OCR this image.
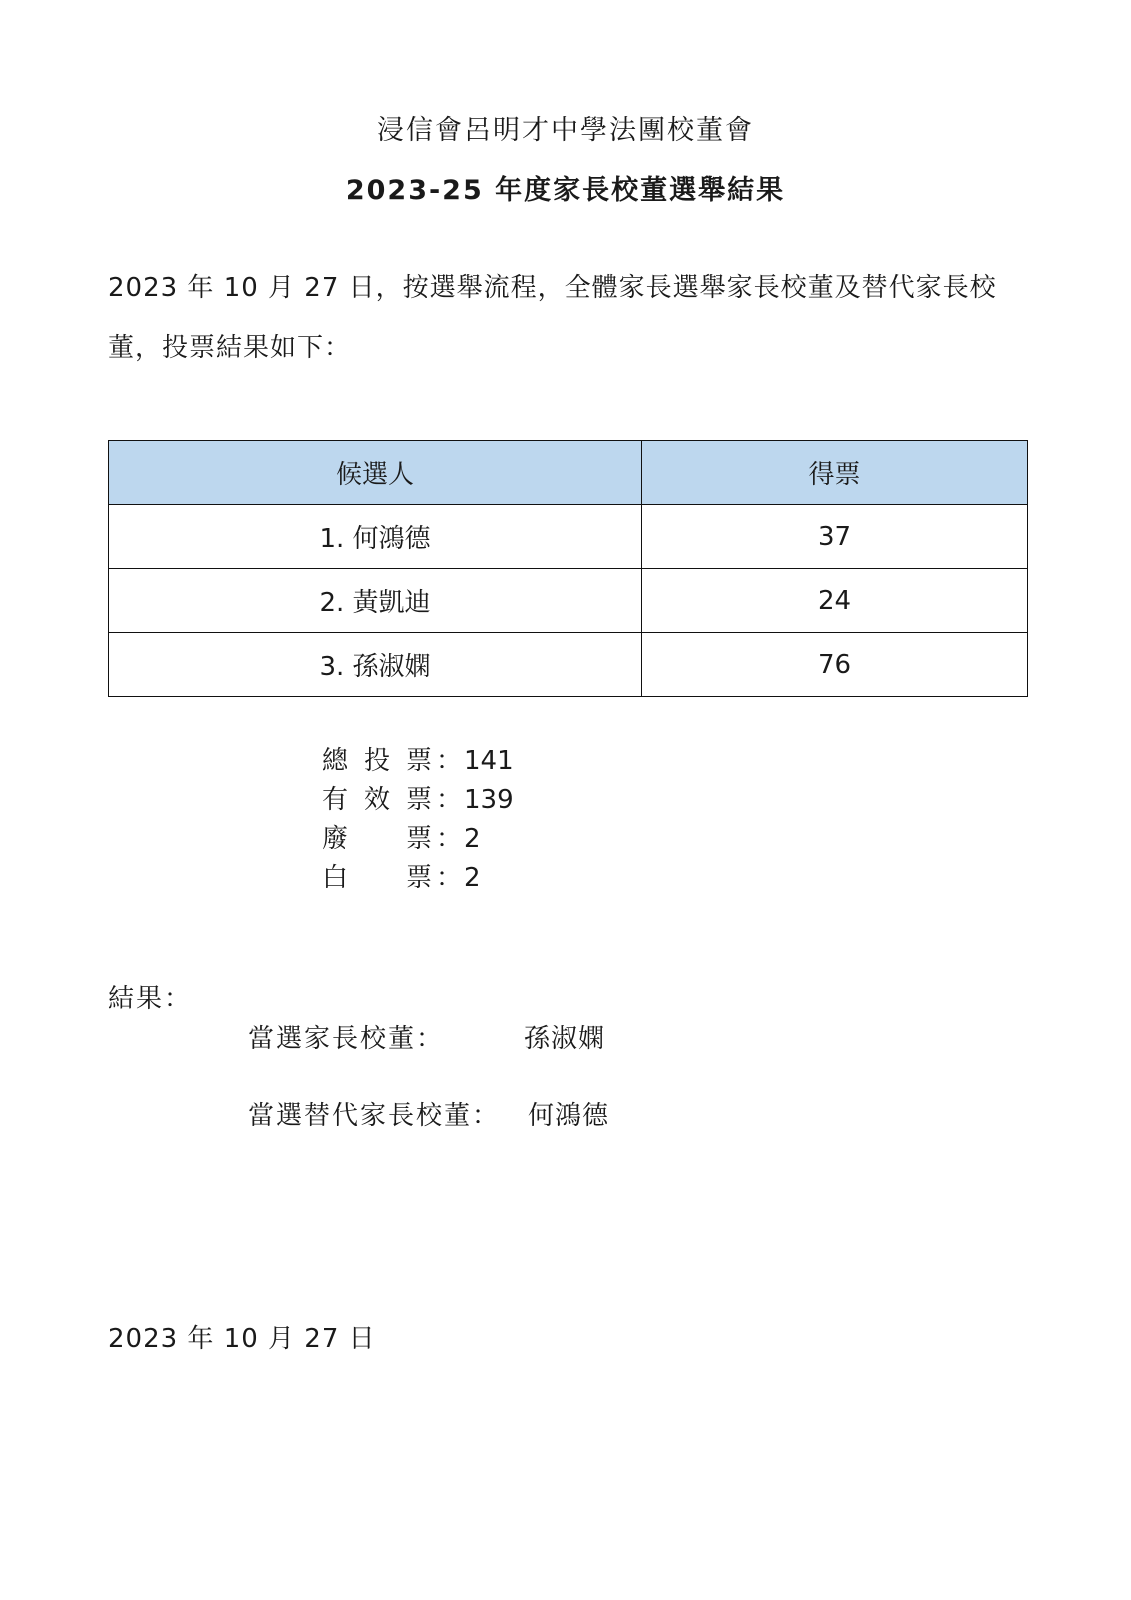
浸信會呂明才中學法團校董會
2023-25 年度家長校董選舉結果
2023 年 10 月 27 日，按選舉流程，全體家長選舉家長校董及替代家長校董，投票結果如下：
候選人	得票
1. 何鴻德	37
2. 黃凱迪	24
3. 孫淑嫻	76
總投票 ： 141
有效票 ： 139
廢票 ： 2
白票 ： 2
結果：
當選家長校董：	孫淑嫻
當選替代家長校董：	何鴻德
2023 年 10 月 27 日
